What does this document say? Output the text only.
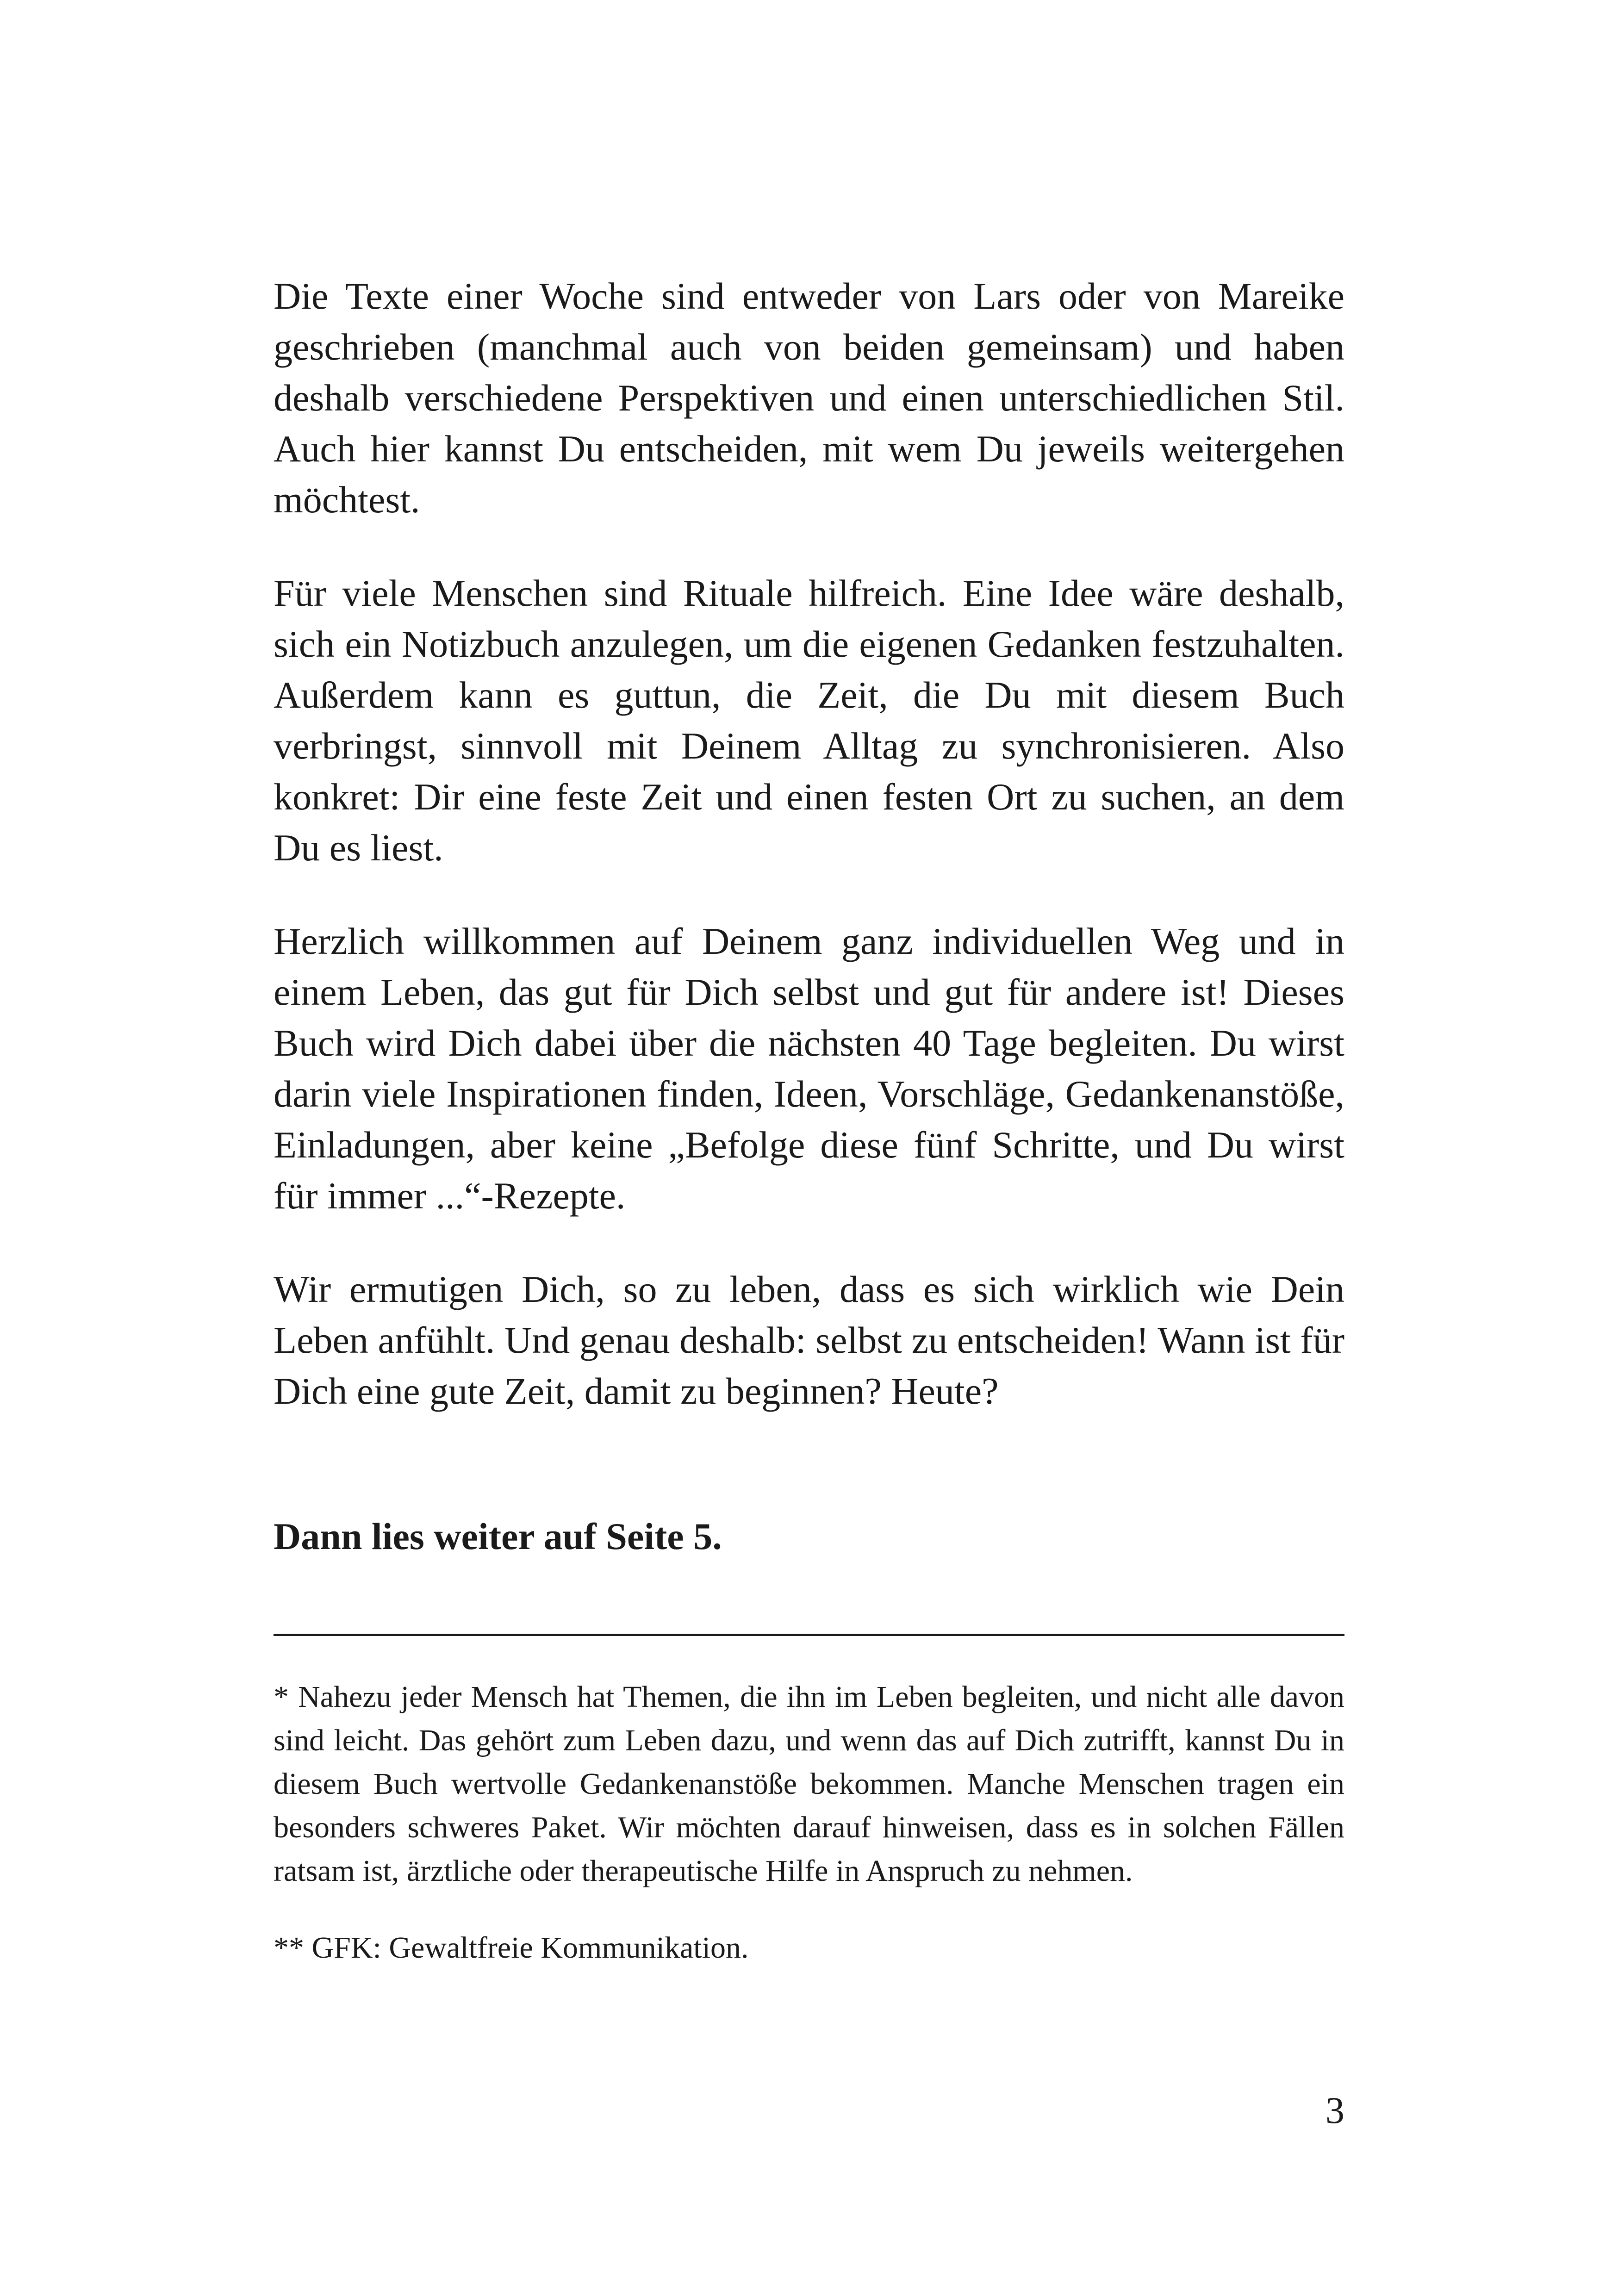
Die Texte einer Woche sind entweder von Lars oder von Mareike geschrieben (manchmal auch von beiden gemeinsam) und haben deshalb verschiedene Perspektiven und einen unterschiedlichen Stil. Auch hier kannst Du entscheiden, mit wem Du jeweils weitergehen möchtest.

Für viele Menschen sind Rituale hilfreich. Eine Idee wäre deshalb, sich ein Notizbuch anzulegen, um die eigenen Gedanken festzuhalten. Außerdem kann es guttun, die Zeit, die Du mit diesem Buch verbringst, sinnvoll mit Deinem Alltag zu synchronisieren. Also konkret: Dir eine feste Zeit und einen festen Ort zu suchen, an dem Du es liest.

Herzlich willkommen auf Deinem ganz individuellen Weg und in einem Leben, das gut für Dich selbst und gut für andere ist! Dieses Buch wird Dich dabei über die nächsten 40 Tage begleiten. Du wirst darin viele Inspirationen finden, Ideen, Vorschläge, Gedankenanstöße, Einladungen, aber keine „Befolge diese fünf Schritte, und Du wirst für immer ...“-Rezepte.

Wir ermutigen Dich, so zu leben, dass es sich wirklich wie Dein Leben anfühlt. Und genau deshalb: selbst zu entscheiden! Wann ist für Dich eine gute Zeit, damit zu beginnen? Heute?

Dann lies weiter auf Seite 5.

* Nahezu jeder Mensch hat Themen, die ihn im Leben begleiten, und nicht alle davon sind leicht. Das gehört zum Leben dazu, und wenn das auf Dich zutrifft, kannst Du in diesem Buch wertvolle Gedankenanstöße bekommen. Manche Menschen tragen ein besonders schweres Paket. Wir möchten darauf hinweisen, dass es in solchen Fällen ratsam ist, ärztliche oder therapeutische Hilfe in Anspruch zu nehmen.

** GFK: Gewaltfreie Kommunikation.

3
